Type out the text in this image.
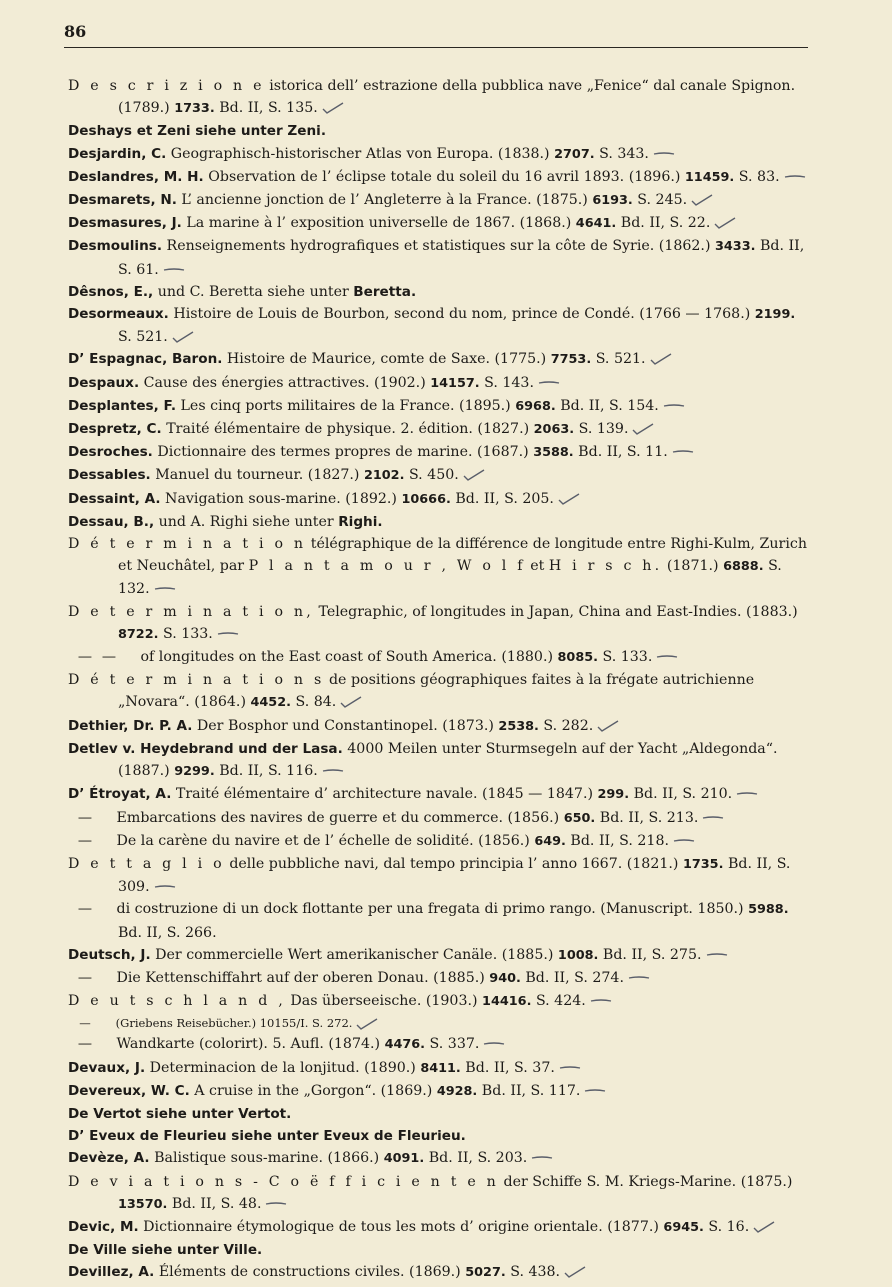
86

D e s c r i z i o n e istorica dell’ estrazione della pubblica nave „Fenice“ dal canale Spignon. (1789.) 1733. Bd. II, S. 135.

Deshays et Zeni siehe unter Zeni.

Desjardin, C. Geographisch-historischer Atlas von Europa. (1838.) 2707. S. 343.

Deslandres, M. H. Observation de l’ éclipse totale du soleil du 16 avril 1893. (1896.) 11459. S. 83.

Desmarets, N. L’ ancienne jonction de l’ Angleterre à la France. (1875.) 6193. S. 245.

Desmasures, J. La marine à l’ exposition universelle de 1867. (1868.) 4641. Bd. II, S. 22.

Desmoulins. Renseignements hydrografiques et statistiques sur la côte de Syrie. (1862.) 3433. Bd. II, S. 61.

Dêsnos, E., und C. Beretta siehe unter Beretta.

Desormeaux. Histoire de Louis de Bourbon, second du nom, prince de Condé. (1766 — 1768.) 2199. S. 521.

D’ Espagnac, Baron. Histoire de Maurice, comte de Saxe. (1775.) 7753. S. 521.

Despaux. Cause des énergies attractives. (1902.) 14157. S. 143.

Desplantes, F. Les cinq ports militaires de la France. (1895.) 6968. Bd. II, S. 154.

Despretz, C. Traité élémentaire de physique. 2. édition. (1827.) 2063. S. 139.

Desroches. Dictionnaire des termes propres de marine. (1687.) 3588. Bd. II, S. 11.

Dessables. Manuel du tourneur. (1827.) 2102. S. 450.

Dessaint, A. Navigation sous-marine. (1892.) 10666. Bd. II, S. 205.

Dessau, B., und A. Righi siehe unter Righi.

D é t e r m i n a t i o n télégraphique de la différence de longitude entre Righi-Kulm, Zurich et Neuchâtel, par P l a n t a m o u r , W o l f et H i r s c h. (1871.) 6888. S. 132.

D e t e r m i n a t i o n, Telegraphic, of longitudes in Japan, China and East-Indies. (1883.) 8722. S. 133.

— — of longitudes on the East coast of South America. (1880.) 8085. S. 133.

D é t e r m i n a t i o n s de positions géographiques faites à la frégate autrichienne „Novara“. (1864.) 4452. S. 84.

Dethier, Dr. P. A. Der Bosphor und Constantinopel. (1873.) 2538. S. 282.

Detlev v. Heydebrand und der Lasa. 4000 Meilen unter Sturmsegeln auf der Yacht „Aldegonda“. (1887.) 9299. Bd. II, S. 116.

D’ Étroyat, A. Traité élémentaire d’ architecture navale. (1845 — 1847.) 299. Bd. II, S. 210.

— Embarcations des navires de guerre et du commerce. (1856.) 650. Bd. II, S. 213.

— De la carène du navire et de l’ échelle de solidité. (1856.) 649. Bd. II, S. 218.

D e t t a g l i o delle pubbliche navi, dal tempo principia l’ anno 1667. (1821.) 1735. Bd. II, S. 309.

— di costruzione di un dock flottante per una fregata di primo rango. (Manuscript. 1850.) 5988. Bd. II, S. 266.

Deutsch, J. Der commercielle Wert amerikanischer Canäle. (1885.) 1008. Bd. II, S. 275.

— Die Kettenschiffahrt auf der oberen Donau. (1885.) 940. Bd. II, S. 274.

D e u t s c h l a n d , Das überseeische. (1903.) 14416. S. 424.

— (Griebens Reisebücher.) 10155/I. S. 272.

— Wandkarte (colorirt). 5. Aufl. (1874.) 4476. S. 337.

Devaux, J. Determinacion de la lonjitud. (1890.) 8411. Bd. II, S. 37.

Devereux, W. C. A cruise in the „Gorgon“. (1869.) 4928. Bd. II, S. 117.

De Vertot siehe unter Vertot.

D’ Eveux de Fleurieu siehe unter Eveux de Fleurieu.

Devèze, A. Balistique sous-marine. (1866.) 4091. Bd. II, S. 203.

D e v i a t i o n s - C o ë f f i c i e n t e n der Schiffe S. M. Kriegs-Marine. (1875.) 13570. Bd. II, S. 48.

Devic, M. Dictionnaire étymologique de tous les mots d’ origine orientale. (1877.) 6945. S. 16.

De Ville siehe unter Ville.

Devillez, A. Éléments de constructions civiles. (1869.) 5027. S. 438.
